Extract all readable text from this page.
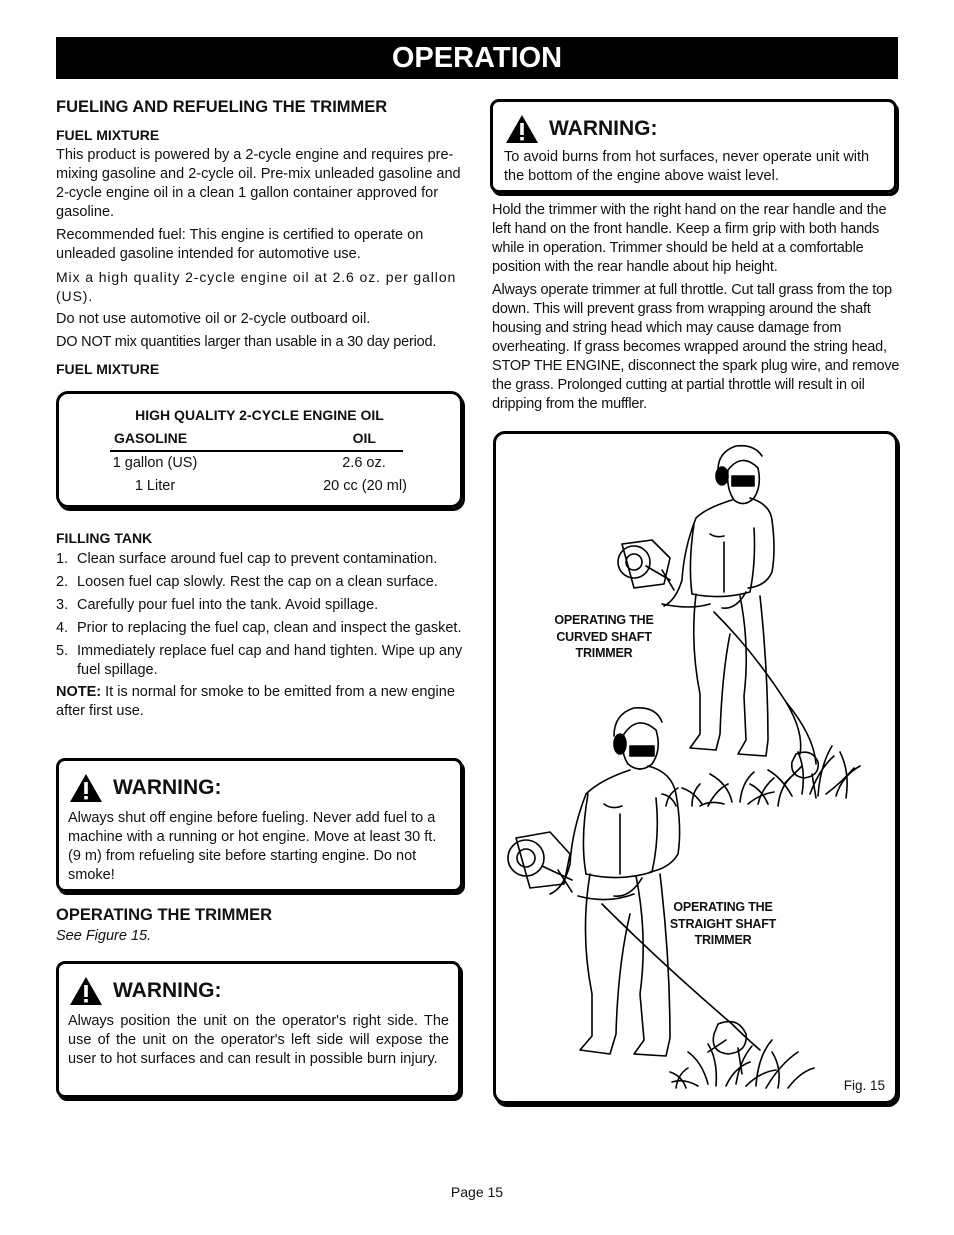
OPERATION
FUELING AND REFUELING THE TRIMMER
FUEL MIXTURE

This product is powered by a 2-cycle engine and requires pre-mixing gasoline and 2-cycle oil. Pre-mix unleaded gasoline and 2-cycle engine oil in a clean 1 gallon container approved for gasoline.

Recommended fuel: This engine is certified to operate on unleaded gasoline intended for automotive use.

Mix a high quality 2-cycle engine oil at 2.6 oz. per gallon (US).

Do not use automotive oil or 2-cycle outboard oil.

DO NOT mix quantities larger than usable in a 30 day period.

FUEL MIXTURE
HIGH QUALITY 2-CYCLE ENGINE OIL
GASOLINE	OIL
1 gallon (US)	2.6 oz.
1 Liter	20 cc (20 ml)
FILLING TANK
1. Clean surface around fuel cap to prevent contamination.
2. Loosen fuel cap slowly. Rest the cap on a clean surface.
3. Carefully pour fuel into the tank. Avoid spillage.
4. Prior to replacing the fuel cap, clean and inspect the gasket.
5. Immediately replace fuel cap and hand tighten. Wipe up any fuel spillage.

NOTE: It is normal for smoke to be emitted from a new engine after first use.

WARNING:

Always shut off engine before fueling. Never add fuel to a machine with a running or hot engine. Move at least 30 ft. (9 m) from refueling site before starting engine. Do not smoke!

OPERATING THE TRIMMER

See Figure 15.

WARNING:

Always position the unit on the operator's right side. The use of the unit on the operator's left side will expose the user to hot surfaces and can result in possible burn injury.

WARNING:

To avoid burns from hot surfaces, never operate unit with the bottom of the engine above waist level.

Hold the trimmer with the right hand on the rear handle and the left hand on the front handle. Keep a firm grip with both hands while in operation. Trimmer should be held at a comfortable position with the rear handle about hip height.

Always operate trimmer at full throttle. Cut tall grass from the top down. This will prevent grass from wrapping around the shaft housing and string head which may cause damage from overheating. If grass becomes wrapped around the string head, STOP THE ENGINE, disconnect the spark plug wire, and remove the grass. Prolonged cutting at partial throttle will result in oil dripping from the muffler.

OPERATING THE
CURVED SHAFT
TRIMMER
OPERATING THE
STRAIGHT SHAFT
TRIMMER
Fig. 15
Page 15
